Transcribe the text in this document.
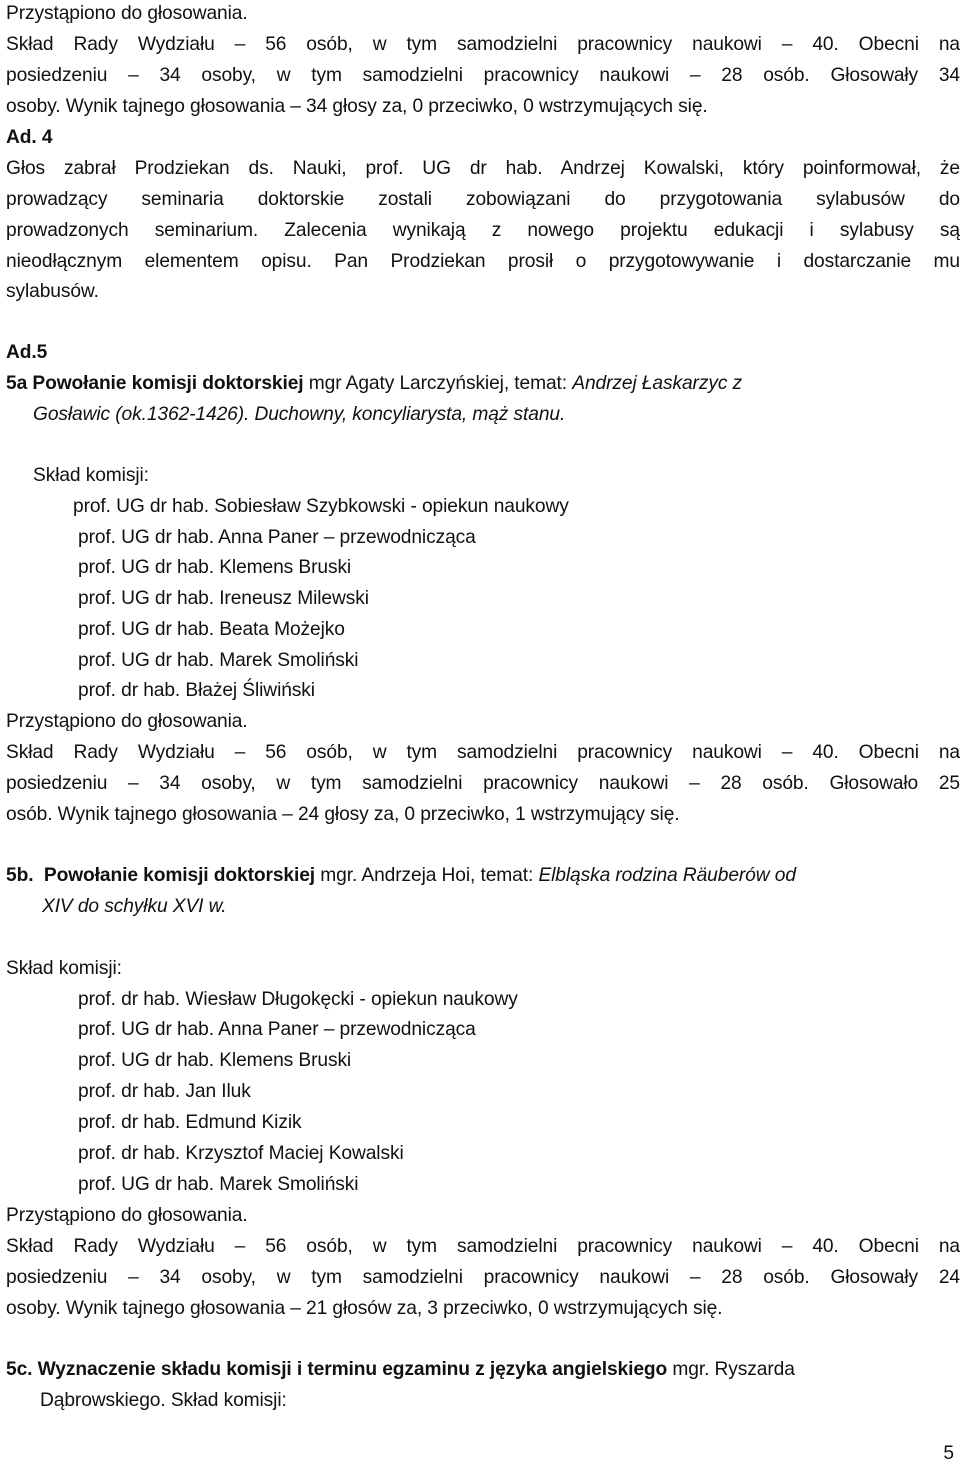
Przystąpiono do głosowania.
Skład Rady Wydziału – 56 osób, w tym samodzielni pracownicy naukowi – 40. Obecni na
posiedzeniu – 34 osoby, w tym samodzielni pracownicy naukowi – 28 osób. Głosowały 34
osoby. Wynik tajnego głosowania – 34 głosy za, 0 przeciwko, 0 wstrzymujących się.
Ad. 4
Głos zabrał Prodziekan ds. Nauki, prof. UG dr hab. Andrzej Kowalski, który poinformował, że
prowadzący seminaria doktorskie zostali zobowiązani do przygotowania sylabusów do
prowadzonych seminarium. Zalecenia wynikają z nowego projektu edukacji i sylabusy są
nieodłącznym elementem opisu. Pan Prodziekan prosił o przygotowywanie i dostarczanie mu
sylabusów.
Ad.5
5a Powołanie komisji doktorskiej mgr Agaty Larczyńskiej, temat: Andrzej Łaskarzyc z
Gosławic (ok.1362-1426). Duchowny, koncyliarysta, mąż stanu.
Skład komisji:
prof. UG dr hab. Sobiesław Szybkowski - opiekun naukowy
prof. UG dr hab. Anna Paner – przewodnicząca
prof. UG dr hab. Klemens Bruski
prof. UG dr hab. Ireneusz Milewski
prof. UG dr hab. Beata Możejko
prof. UG dr hab. Marek Smoliński
prof. dr hab. Błażej Śliwiński
Przystąpiono do głosowania.
Skład Rady Wydziału – 56 osób, w tym samodzielni pracownicy naukowi – 40. Obecni na
posiedzeniu – 34 osoby, w tym samodzielni pracownicy naukowi – 28 osób. Głosowało 25
osób. Wynik tajnego głosowania – 24 głosy za, 0 przeciwko, 1 wstrzymujący się.
5b. Powołanie komisji doktorskiej mgr. Andrzeja Hoi, temat: Elbląska rodzina Räuberów od
XIV do schyłku XVI w.
Skład komisji:
prof. dr hab. Wiesław Długokęcki - opiekun naukowy
prof. UG dr hab. Anna Paner – przewodnicząca
prof. UG dr hab. Klemens Bruski
prof. dr hab. Jan Iluk
prof. dr hab. Edmund Kizik
prof. dr hab. Krzysztof Maciej Kowalski
prof. UG dr hab. Marek Smoliński
Przystąpiono do głosowania.
Skład Rady Wydziału – 56 osób, w tym samodzielni pracownicy naukowi – 40. Obecni na
posiedzeniu – 34 osoby, w tym samodzielni pracownicy naukowi – 28 osób. Głosowały 24
osoby. Wynik tajnego głosowania – 21 głosów za, 3 przeciwko, 0 wstrzymujących się.
5c. Wyznaczenie składu komisji i terminu egzaminu z języka angielskiego mgr. Ryszarda
Dąbrowskiego. Skład komisji:
5
